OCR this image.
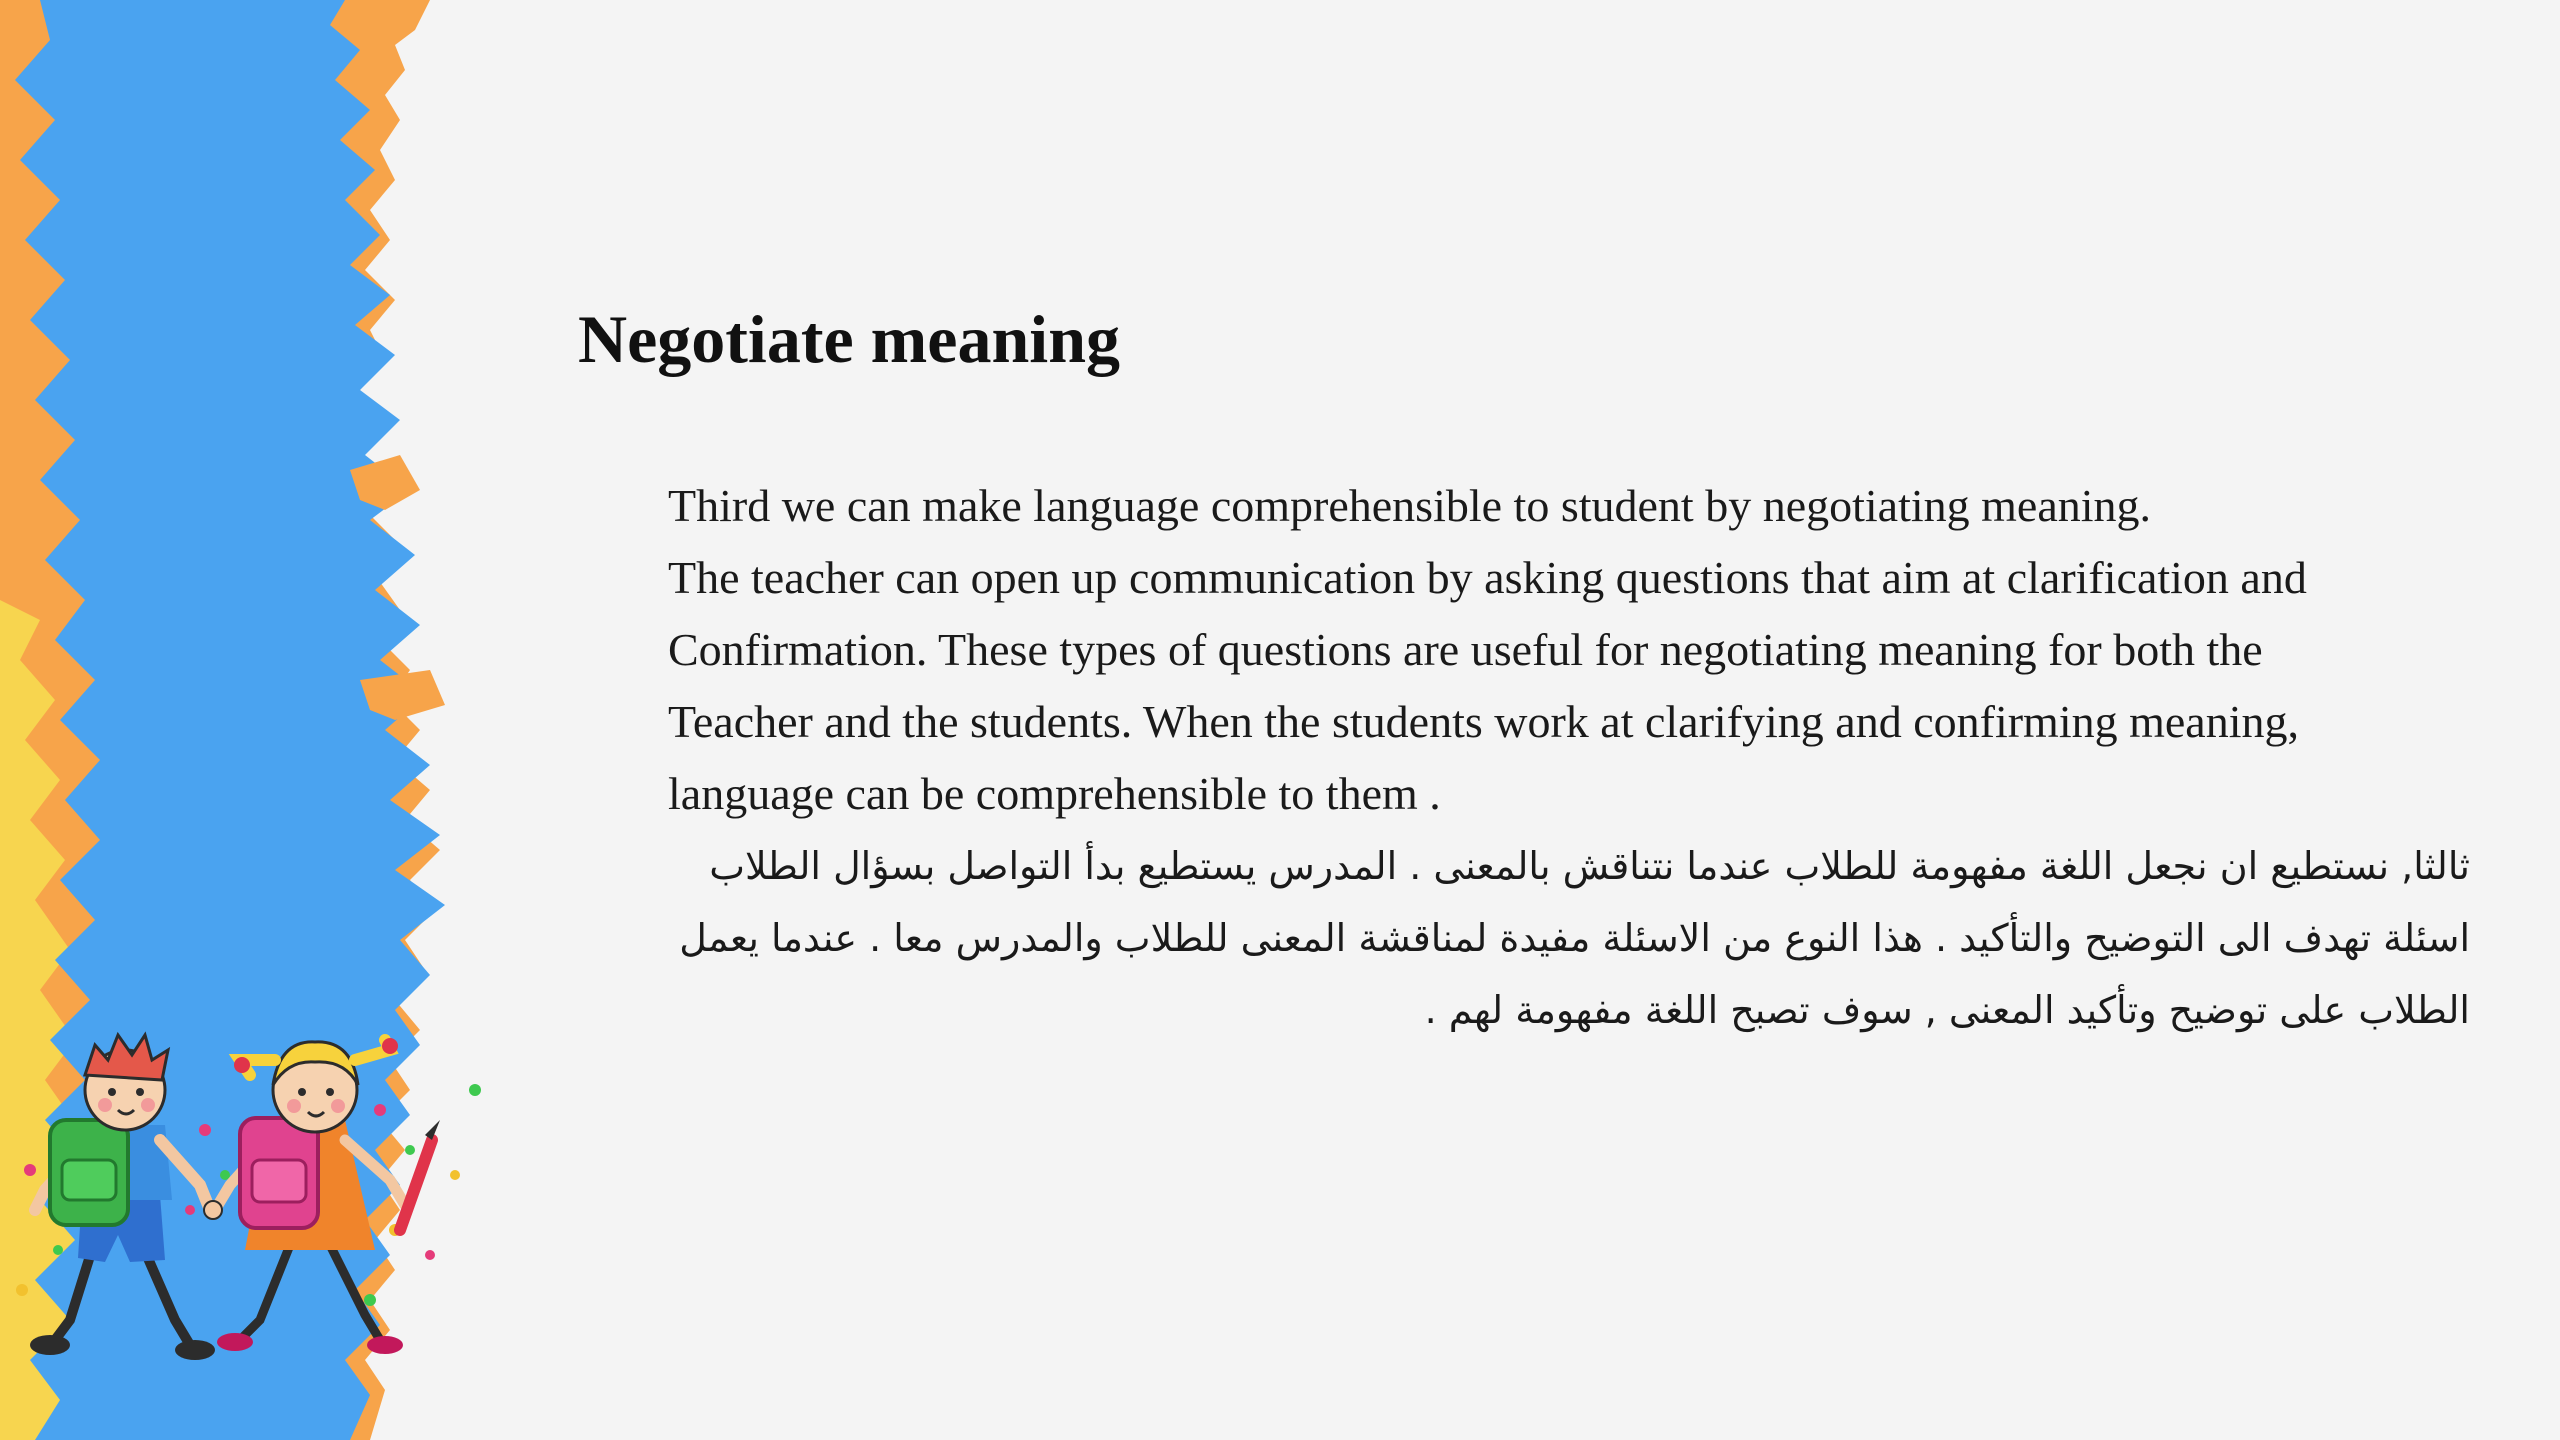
Negotiate meaning
Third we can make language comprehensible to student by negotiating meaning.
The teacher can open up communication by asking questions that aim at clarification and
Confirmation. These types of questions are useful for negotiating meaning for both the
Teacher and the students. When the students work at clarifying and confirming meaning,
language can be comprehensible to them .
ثالثا, نستطيع ان نجعل اللغة مفهومة للطلاب عندما نتناقش بالمعنى . المدرس يستطيع بدأ التواصل بسؤال الطلاب
اسئلة تهدف الى التوضيح والتأكيد . هذا النوع من الاسئلة مفيدة لمناقشة المعنى للطلاب والمدرس معا . عندما يعمل
الطلاب على توضيح وتأكيد المعنى , سوف تصبح اللغة مفهومة لهم .
